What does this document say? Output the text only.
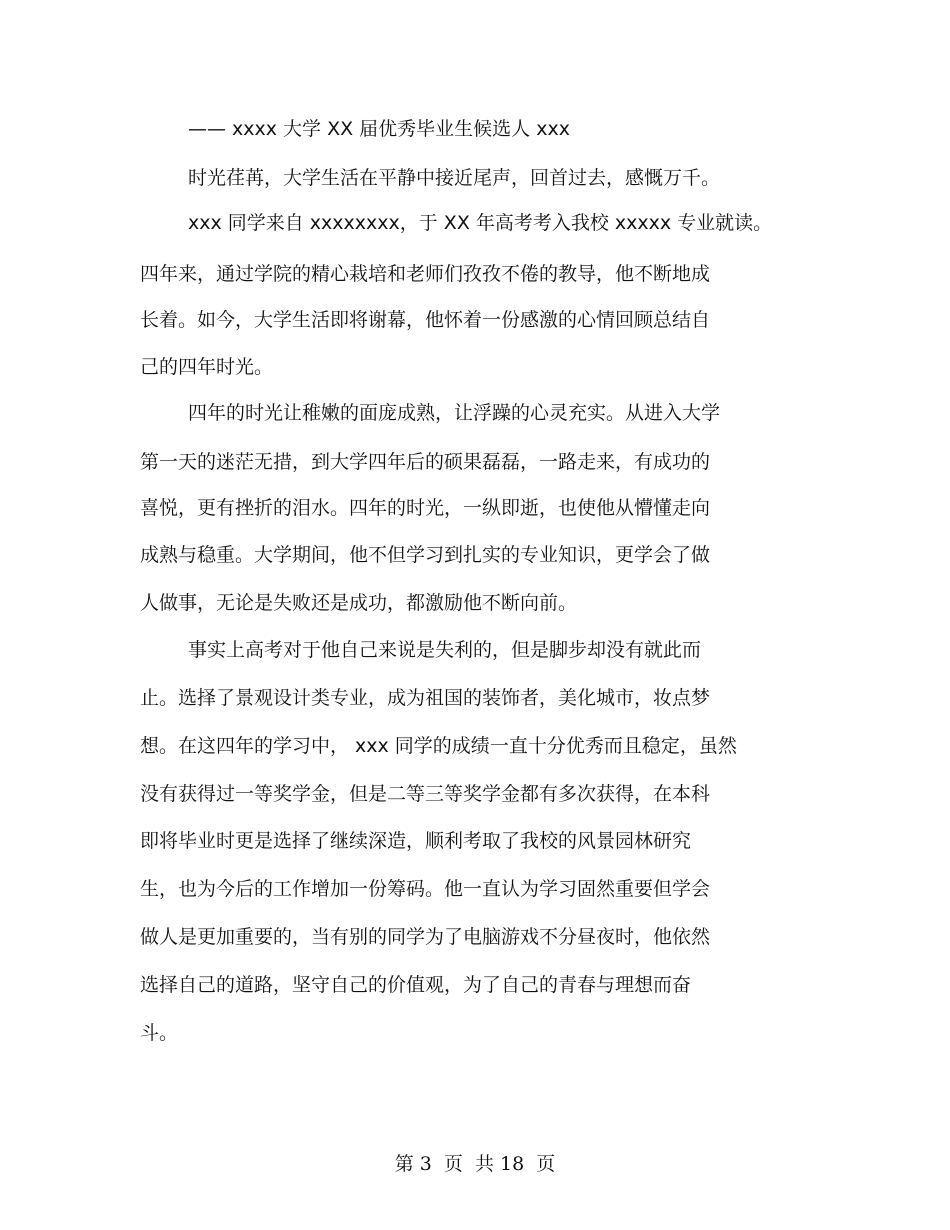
—— xxxx 大学 XX 届优秀毕业生候选人 xxx

时光荏苒，大学生活在平静中接近尾声，回首过去，感慨万千。

xxx 同学来自 xxxxxxxx，于 XX 年高考考入我校 xxxxx 专业就读。

四年来，通过学院的精心栽培和老师们孜孜不倦的教导，他不断地成

长着。如今，大学生活即将谢幕，他怀着一份感激的心情回顾总结自

己的四年时光。

四年的时光让稚嫩的面庞成熟，让浮躁的心灵充实。从进入大学

第一天的迷茫无措，到大学四年后的硕果磊磊，一路走来，有成功的

喜悦，更有挫折的泪水。四年的时光，一纵即逝，也使他从懵懂走向

成熟与稳重。大学期间，他不但学习到扎实的专业知识，更学会了做

人做事，无论是失败还是成功，都激励他不断向前。

事实上高考对于他自己来说是失利的，但是脚步却没有就此而

止。选择了景观设计类专业，成为祖国的装饰者，美化城市，妆点梦

想。在这四年的学习中， xxx 同学的成绩一直十分优秀而且稳定，虽然

没有获得过一等奖学金，但是二等三等奖学金都有多次获得，在本科

即将毕业时更是选择了继续深造，顺利考取了我校的风景园林研究

生，也为今后的工作增加一份筹码。他一直认为学习固然重要但学会

做人是更加重要的，当有别的同学为了电脑游戏不分昼夜时，他依然

选择自己的道路，坚守自己的价值观，为了自己的青春与理想而奋

斗。

第 3  页  共 18  页
